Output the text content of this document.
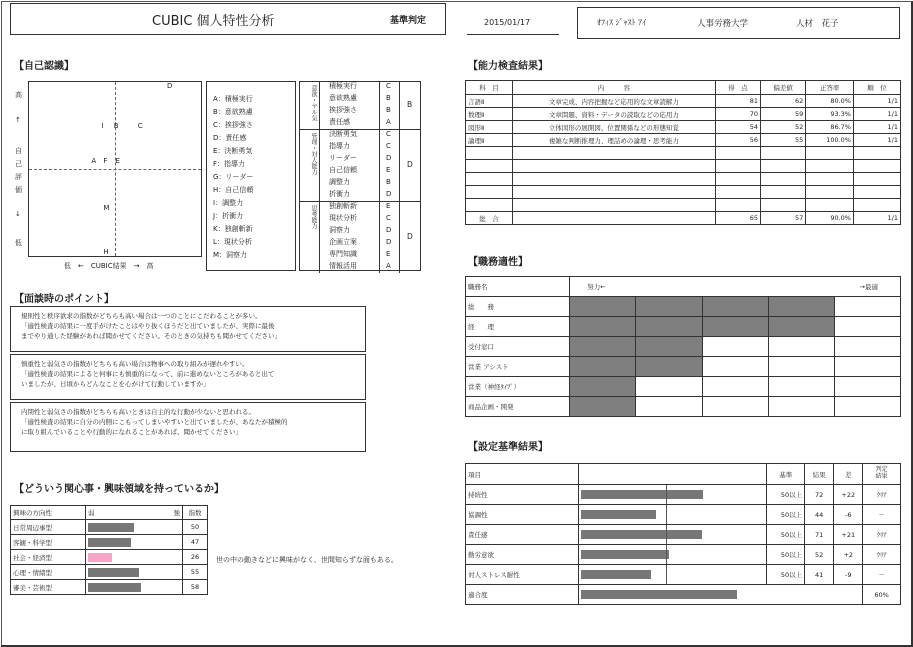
CUBIC 個人特性分析	基準判定	2015/01/17	ｵﾌｨｽ ｼﾞｬｽﾄ ｱｲ	人事労務大学	人材　花子
【自己認識】
高
↑
自
己
評
価
↓
低
D
I B	C
A F E
M
H
低　←　CUBIC結果　→　高
【面談時のポイント】
【どういう関心事・興味領域を持っているか】
興味の方向性	弱 強	指数
日常周辺事型		50
客観・科学型		47
社会・経済型		26
心理・情緒型		55
審美・芸術型		58
世の中の動きなどに興味がなく、世間知らずな面もある。
【能力検査結果】
科　目	内　　　容	得　点	偏差値	正答率	順　位
言語Ⅱ	文章完成、内容把握など応用的な文章読解力	81	62	80.0%	1/1
数理Ⅱ	文章問題、資料・データの読取などの応用力	70	59	93.3%	1/1
図形Ⅱ	立体図形の展開図、位置関係などの形態知覚	54	52	86.7%	1/1
論理Ⅱ	複雑な判断推理力、理詰めの論理・思考能力	56	55	100.0%	1/1

総　合		65	57	90.0%	1/1
【職務適性】
職務名	努力← →最適				

総　　務					
経　　理					
受付窓口					
営業 アシスト					
営業（神経ﾀｲﾌﾟ）					
商品企画・開発					
【設定基準結果】
項目		基準	結果	差	判定
結果

持続性		50以上	72	+22	ｸﾘｱ
協調性		50以上	44	-6	－
責任感		50以上	71	+21	ｸﾘｱ
勤労意欲		50以上	52	+2	ｸﾘｱ
対人ストレス耐性		50以上	41	-9	－
適合度					60%
A：積極実行
B：意欲熟慮
C：挨拶強さ
D：責任感
E：決断勇気
F：指導力
G：リーダー
H：自己信頼
I：調整力
J：折衝力
K：独創斬新
L：現状分析
M：洞察力
意欲・ヤル気 積極実行	C
意欲熟慮	B
挨拶強さ	B
責任感	A
B
管理・対人能力 決断勇気	C
指導力	C
リーダー	D
自己信頼	E
調整力	B
折衝力	D
D
思考能力 独創斬新	E
現状分析	C
洞察力	D
企画立案	D
専門知識	E
情報活用	A
D
規則性と秩序欲求の指数がどちらも高い場合は一つのことにこだわることが多い。
「適性検査の結果に一度手がけたことはやり抜くほうだと出ていましたが、実際に最後
までやり通した経験があれば聞かせてください。そのときの気持ちも聞かせてください」
慎重性と弱気さの指数がどちらも高い場合は物事への取り組みが遅れやすい。
「適性検査の結果によると何事にも慎重的になって、前に進めないところがあると出て
いましたが、日頃からどんなことを心がけて行動していますか」
内閉性と弱気さの指数がどちらも高いときは自主的な行動が少ないと思われる。
「適性検査の結果に自分の内側にこもってしまいやすいと出ていましたが、あなたが積極的
に取り組んでいることや行動的になれることがあれば、聞かせてください」
